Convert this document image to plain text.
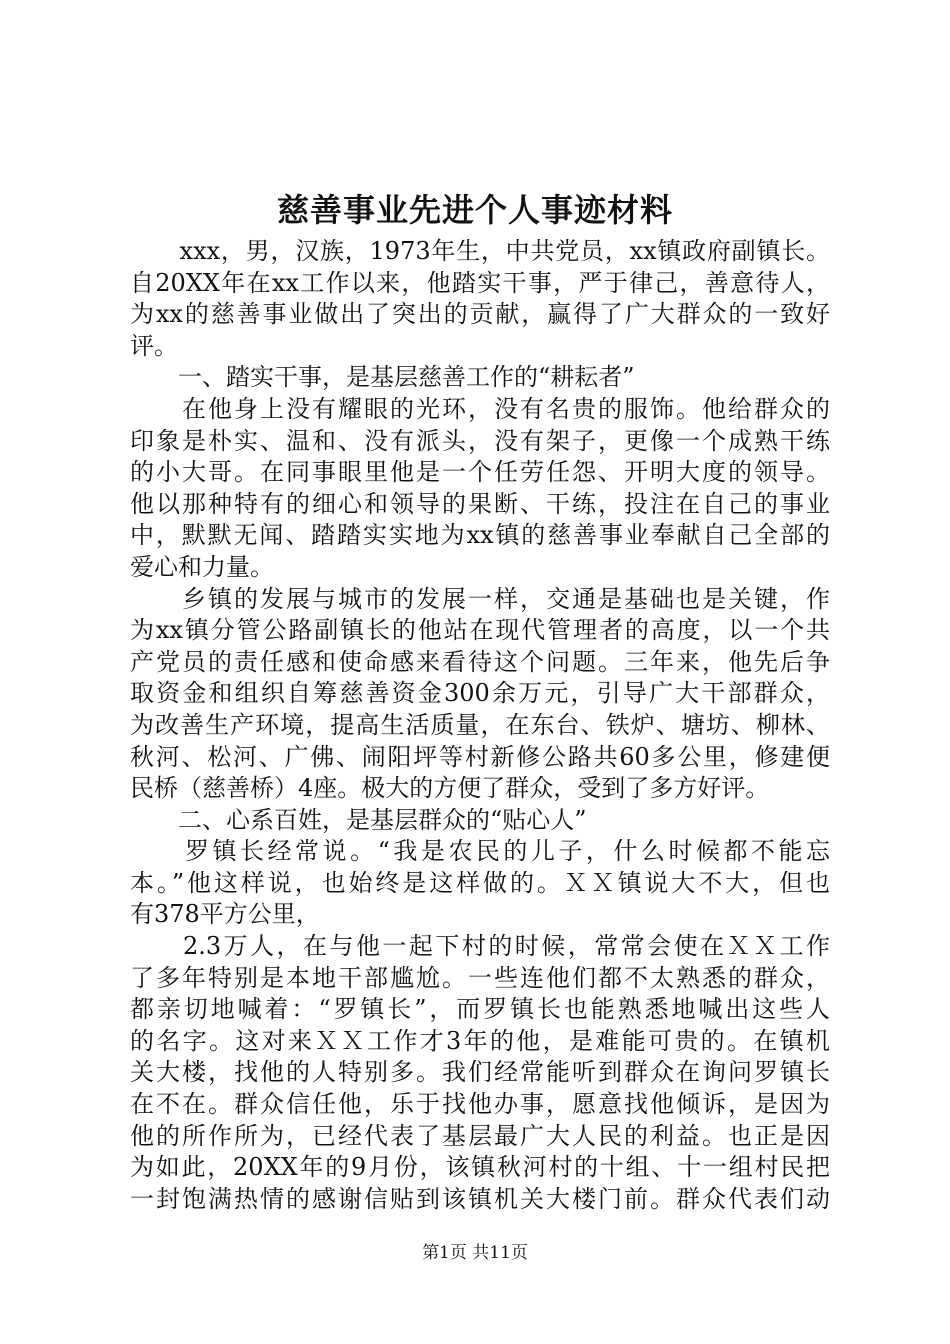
慈善事业先进个人事迹材料
　　xxx，男，汉族，1973年生，中共党员，xx镇政府副镇长。
自20XX年在xx工作以来，他踏实干事，严于律己，善意待人，
为xx的慈善事业做出了突出的贡献，赢得了广大群众的一致好
评。
　　一、踏实干事，是基层慈善工作的“耕耘者”
　　在他身上没有耀眼的光环，没有名贵的服饰。他给群众的
印象是朴实、温和、没有派头，没有架子，更像一个成熟干练
的小大哥。在同事眼里他是一个任劳任怨、开明大度的领导。
他以那种特有的细心和领导的果断、干练，投注在自己的事业
中，默默无闻、踏踏实实地为xx镇的慈善事业奉献自己全部的
爱心和力量。
　　乡镇的发展与城市的发展一样，交通是基础也是关键，作
为xx镇分管公路副镇长的他站在现代管理者的高度，以一个共
产党员的责任感和使命感来看待这个问题。三年来，他先后争
取资金和组织自筹慈善资金300余万元，引导广大干部群众，
为改善生产环境，提高生活质量，在东台、铁炉、塘坊、柳林、
秋河、松河、广佛、闹阳坪等村新修公路共60多公里，修建便
民桥（慈善桥）4座。极大的方便了群众，受到了多方好评。
　　二、心系百姓，是基层群众的“贴心人”
　　罗镇长经常说。“我是农民的儿子，什么时候都不能忘
本。”他这样说，也始终是这样做的。ＸＸ镇说大不大，但也
有378平方公里，
　　2.3万人，在与他一起下村的时候，常常会使在ＸＸ工作
了多年特别是本地干部尴尬。一些连他们都不太熟悉的群众，
都亲切地喊着：“罗镇长”，而罗镇长也能熟悉地喊出这些人
的名字。这对来ＸＸ工作才3年的他，是难能可贵的。在镇机
关大楼，找他的人特别多。我们经常能听到群众在询问罗镇长
在不在。群众信任他，乐于找他办事，愿意找他倾诉，是因为
他的所作所为，已经代表了基层最广大人民的利益。也正是因
为如此，20XX年的9月份，该镇秋河村的十组、十一组村民把
一封饱满热情的感谢信贴到该镇机关大楼门前。群众代表们动
第1页 共11页
